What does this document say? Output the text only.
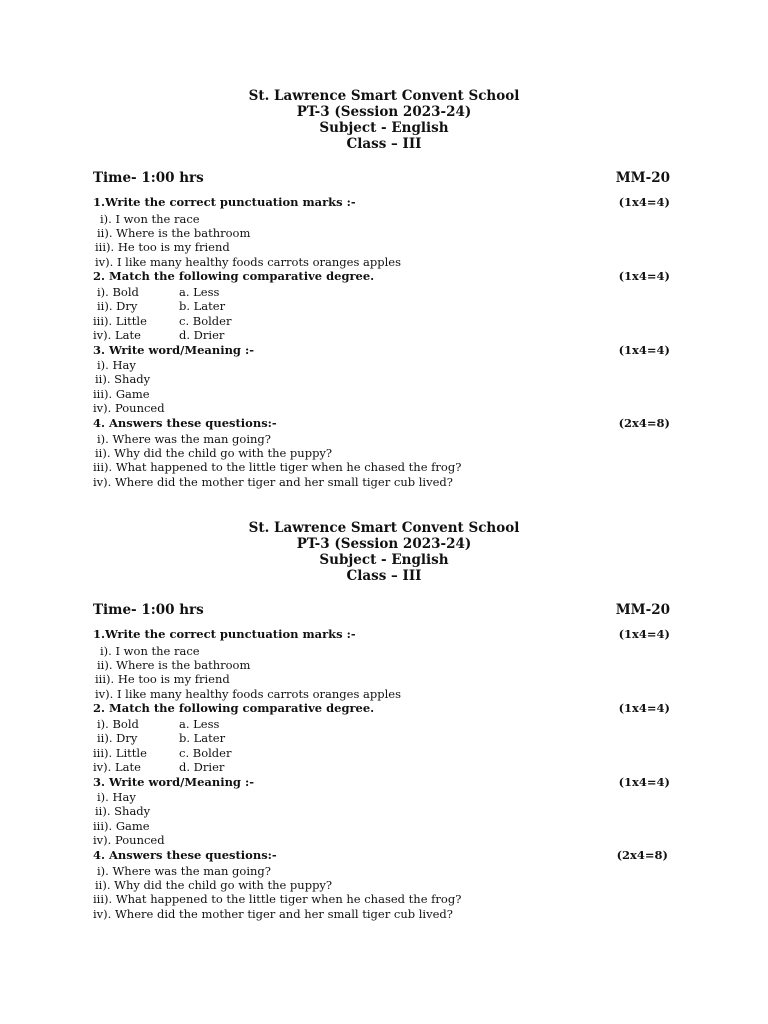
St. Lawrence Smart Convent School
PT-3 (Session 2023-24)
Subject - English
Class – III
Time- 1:00 hrs	MM-20
1.Write the correct punctuation marks :-	(1x4=4)
i). I won the race
ii). Where is the bathroom
iii). He too is my friend
iv). I like many healthy foods carrots oranges apples
2. Match the following comparative degree.	(1x4=4)
i). Bold	a. Less
ii). Dry	b. Later
iii). Little	c. Bolder
iv). Late	d. Drier
3. Write word/Meaning :-	(1x4=4)
i). Hay
ii). Shady
iii). Game
iv). Pounced
4. Answers these questions:-	(2x4=8)
i). Where was the man going?
ii). Why did the child go with the puppy?
iii). What happened to the little tiger when he chased the frog?
iv). Where did the mother tiger and her small tiger cub lived?
St. Lawrence Smart Convent School
PT-3 (Session 2023-24)
Subject - English
Class – III
Time- 1:00 hrs	MM-20
1.Write the correct punctuation marks :-	(1x4=4)
i). I won the race
ii). Where is the bathroom
iii). He too is my friend
iv). I like many healthy foods carrots oranges apples
2. Match the following comparative degree.	(1x4=4)
i). Bold	a. Less
ii). Dry	b. Later
iii). Little	c. Bolder
iv). Late	d. Drier
3. Write word/Meaning :-	(1x4=4)
i). Hay
ii). Shady
iii). Game
iv). Pounced
4. Answers these questions:-	(2x4=8)
i). Where was the man going?
ii). Why did the child go with the puppy?
iii). What happened to the little tiger when he chased the frog?
iv). Where did the mother tiger and her small tiger cub lived?
